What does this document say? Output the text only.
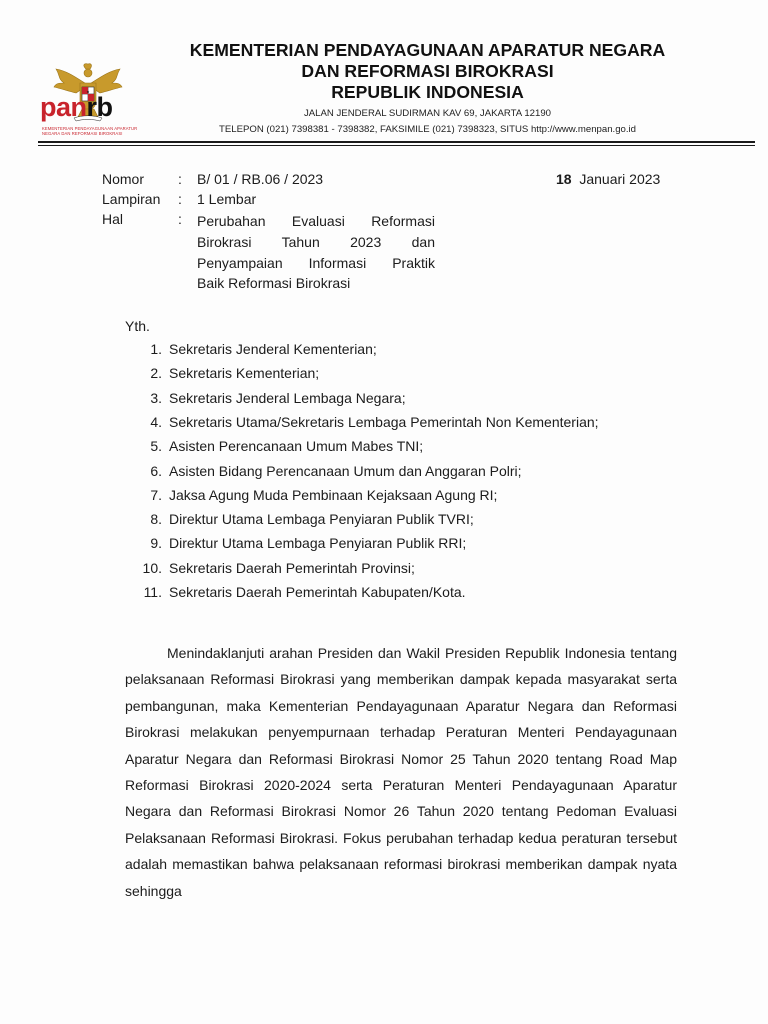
panrb
KEMENTERIAN PENDAYAGUNAAN APARATUR NEGARA DAN REFORMASI BIROKRASI
KEMENTERIAN PENDAYAGUNAAN APARATUR NEGARA
DAN REFORMASI BIROKRASI
REPUBLIK INDONESIA
JALAN JENDERAL SUDIRMAN KAV 69, JAKARTA 12190
TELEPON (021) 7398381 - 7398382, FAKSIMILE (021) 7398323, SITUS http://www.menpan.go.id
Nomor : B/ 01 / RB.06 / 2023
Lampiran : 1 Lembar
Hal	: Perubahan Evaluasi Reformasi
Birokrasi Tahun 2023 dan
Penyampaian Informasi Praktik
Baik Reformasi Birokrasi
18 Januari 2023
Yth.
1. Sekretaris Jenderal Kementerian;
2. Sekretaris Kementerian;
3. Sekretaris Jenderal Lembaga Negara;
4. Sekretaris Utama/Sekretaris Lembaga Pemerintah Non Kementerian;
5. Asisten Perencanaan Umum Mabes TNI;
6. Asisten Bidang Perencanaan Umum dan Anggaran Polri;
7. Jaksa Agung Muda Pembinaan Kejaksaan Agung RI;
8. Direktur Utama Lembaga Penyiaran Publik TVRI;
9. Direktur Utama Lembaga Penyiaran Publik RRI;
10. Sekretaris Daerah Pemerintah Provinsi;
11. Sekretaris Daerah Pemerintah Kabupaten/Kota.
Menindaklanjuti arahan Presiden dan Wakil Presiden Republik Indonesia tentang pelaksanaan Reformasi Birokrasi yang memberikan dampak kepada masyarakat serta pembangunan, maka Kementerian Pendayagunaan Aparatur Negara dan Reformasi Birokrasi melakukan penyempurnaan terhadap Peraturan Menteri Pendayagunaan Aparatur Negara dan Reformasi Birokrasi Nomor 25 Tahun 2020 tentang Road Map Reformasi Birokrasi 2020-2024 serta Peraturan Menteri Pendayagunaan Aparatur Negara dan Reformasi Birokrasi Nomor 26 Tahun 2020 tentang Pedoman Evaluasi Pelaksanaan Reformasi Birokrasi. Fokus perubahan terhadap kedua peraturan tersebut adalah memastikan bahwa pelaksanaan reformasi birokrasi memberikan dampak nyata sehingga
